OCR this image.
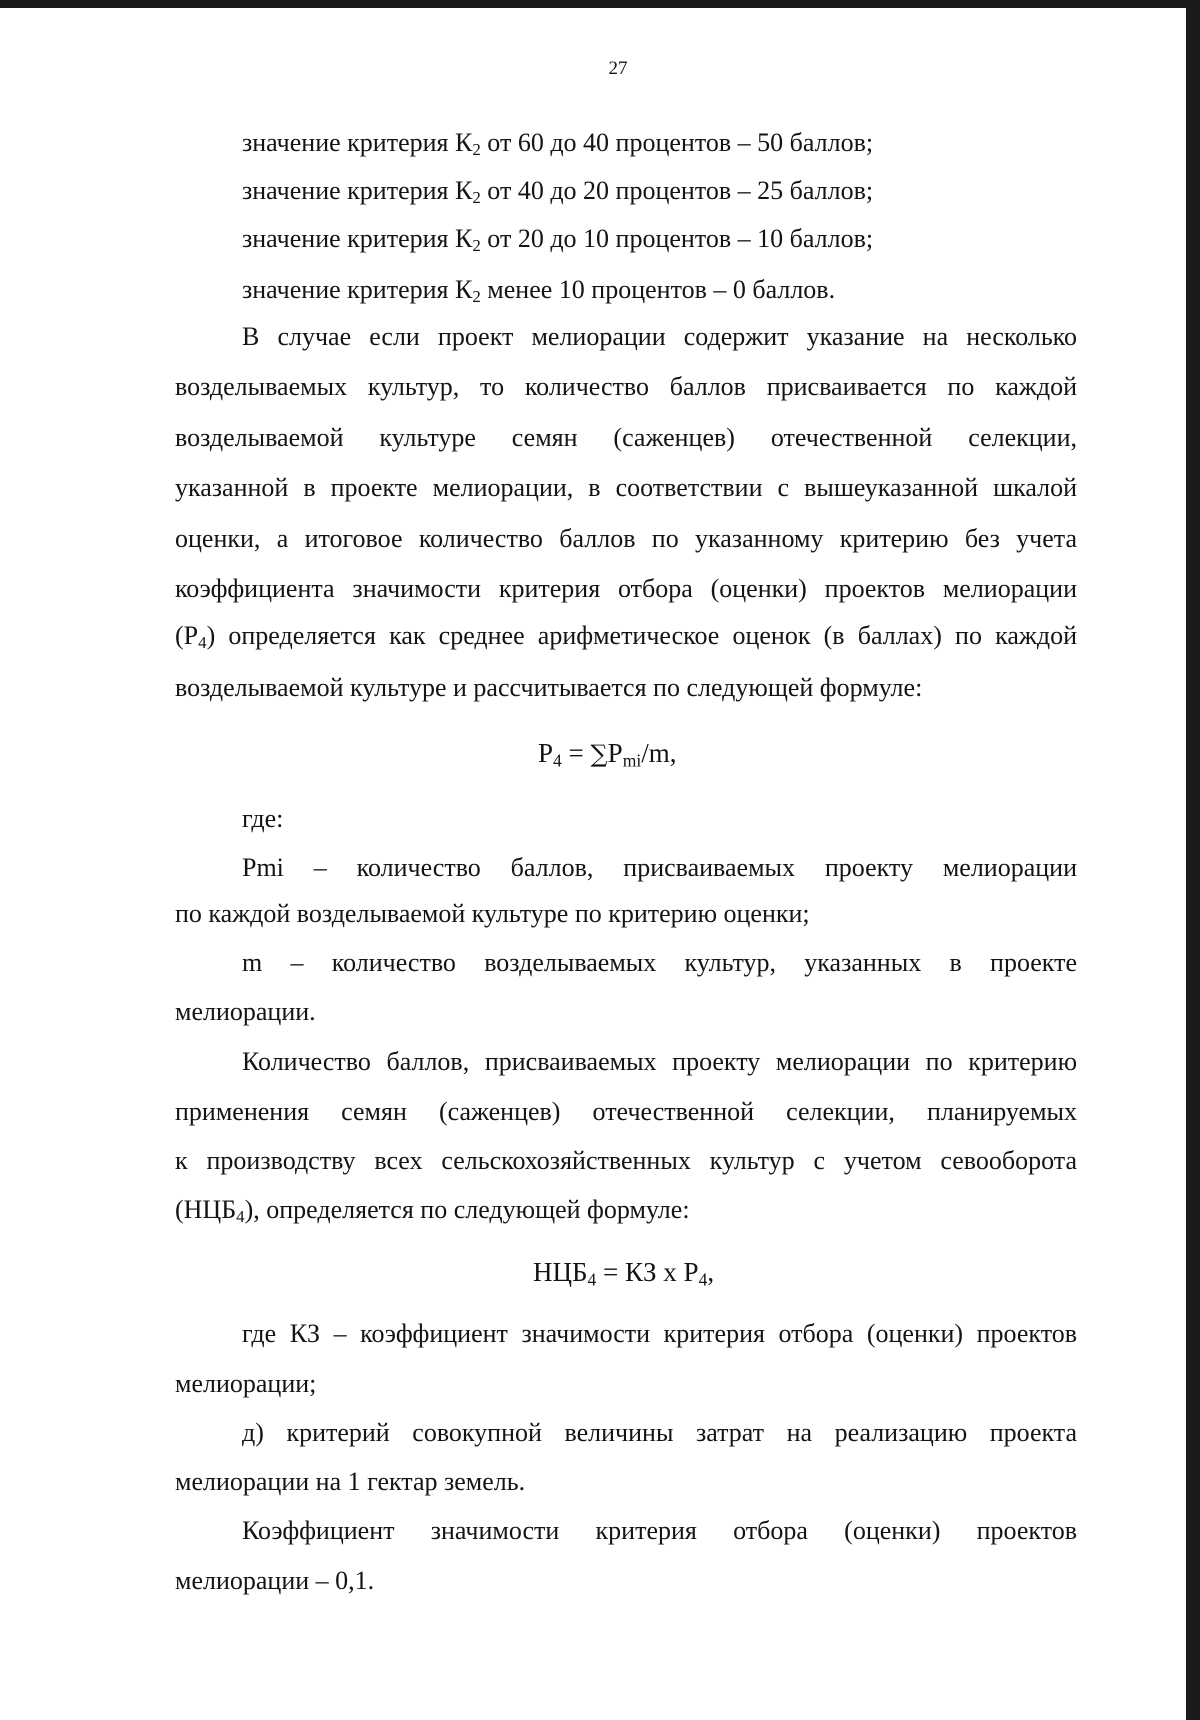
27
значение критерия $К_2$ от 60 до 40 процентов – 50 баллов;
значение критерия $К_2$ от 40 до 20 процентов – 25 баллов;
значение критерия $К_2$ от 20 до 10 процентов – 10 баллов;
значение критерия $К_2$ менее 10 процентов – 0 баллов.
В случае если проект мелиорации содержит указание на несколько
возделываемых культур, то количество баллов присваивается по каждой
возделываемой культуре семян (саженцев) отечественной селекции,
указанной в проекте мелиорации, в соответствии с вышеуказанной шкалой
оценки, а итоговое количество баллов по указанному критерию без учета
коэффициента значимости критерия отбора (оценки) проектов мелиорации
$(Р_4)$ определяется как среднее арифметическое оценок (в баллах) по каждой
возделываемой культуре и рассчитывается по следующей формуле:
$P_4 = \sum P_{mi}/m$,
где:
Pmi – количество баллов, присваиваемых проекту мелиорации
по каждой возделываемой культуре по критерию оценки;
m – количество возделываемых культур, указанных в проекте
мелиорации.
Количество баллов, присваиваемых проекту мелиорации по критерию
применения семян (саженцев) отечественной селекции, планируемых
к производству всех сельскохозяйственных культур с учетом севооборота
$(НЦБ_4)$, определяется по следующей формуле:
$НЦБ_4$ = КЗ х $Р_4$,
где КЗ – коэффициент значимости критерия отбора (оценки) проектов
мелиорации;
д) критерий совокупной величины затрат на реализацию проекта
мелиорации на 1 гектар земель.
Коэффициент значимости критерия отбора (оценки) проектов
мелиорации – 0,1.
